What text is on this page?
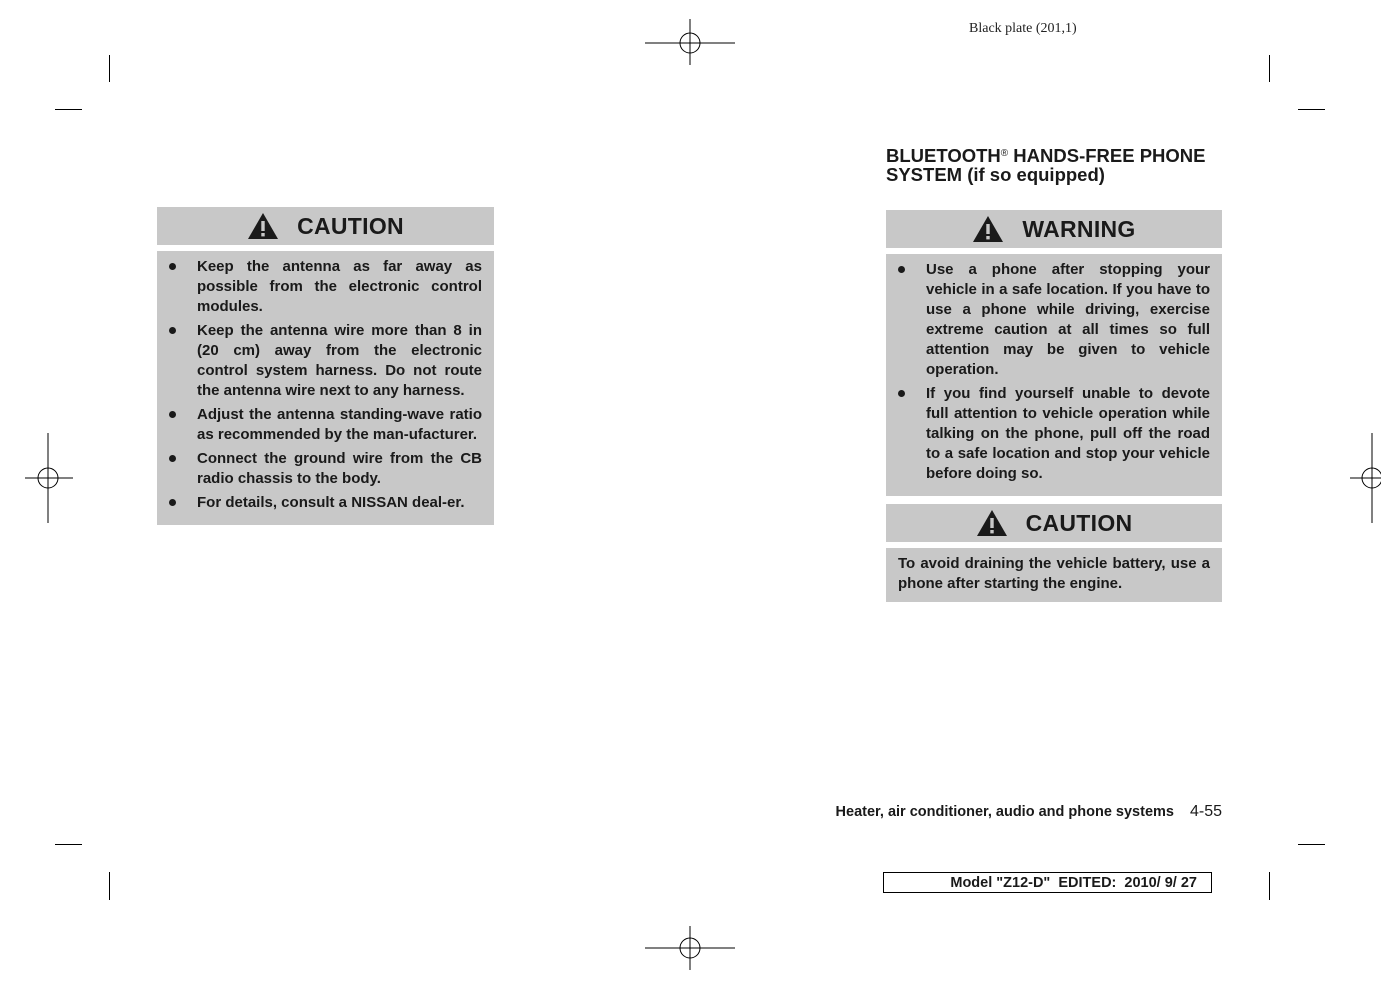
Black plate (201,1)
CAUTION
Keep the antenna as far away as possible from the electronic control modules.
Keep the antenna wire more than 8 in (20 cm) away from the electronic control system harness. Do not route the antenna wire next to any harness.
Adjust the antenna standing-wave ratio as recommended by the man-ufacturer.
Connect the ground wire from the CB radio chassis to the body.
For details, consult a NISSAN deal-er.
BLUETOOTH® HANDS-FREE PHONE
SYSTEM (if so equipped)
WARNING
Use a phone after stopping your vehicle in a safe location. If you have to use a phone while driving, exercise extreme caution at all times so full attention may be given to vehicle operation.
If you find yourself unable to devote full attention to vehicle operation while talking on the phone, pull off the road to a safe location and stop your vehicle before doing so.
CAUTION
To avoid draining the vehicle battery, use a phone after starting the engine.
Heater, air conditioner, audio and phone systems 4-55
Model "Z12-D"  EDITED:  2010/ 9/ 27
